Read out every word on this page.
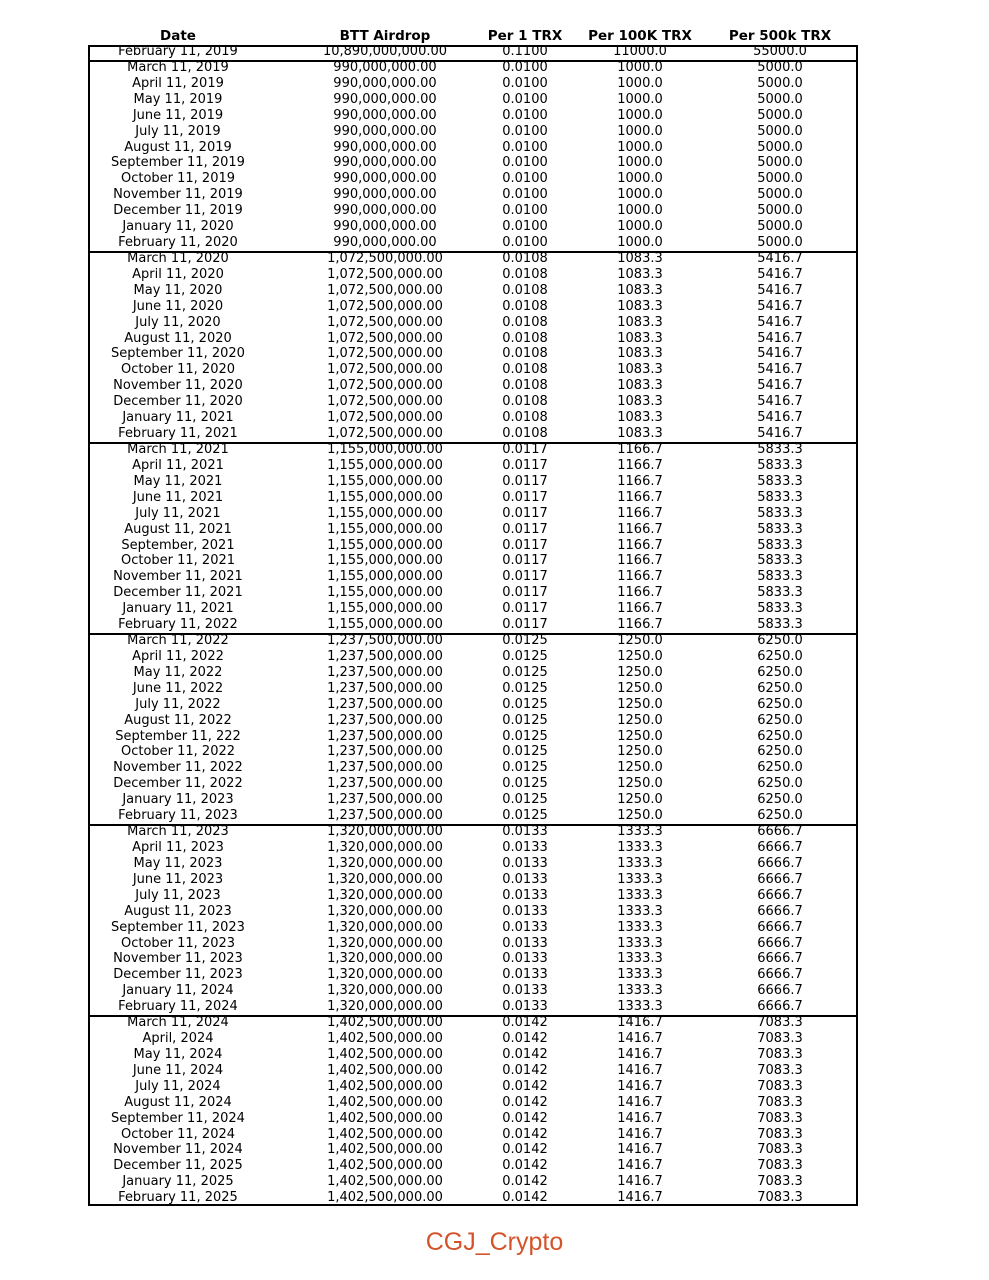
Date	BTT Airdrop	Per 1 TRX	Per 100K TRX	Per 500k TRX
February 11, 2019	10,890,000,000.00	0.1100	11000.0	55000.0
March 11, 2019	990,000,000.00	0.0100	1000.0	5000.0
April 11, 2019	990,000,000.00	0.0100	1000.0	5000.0
May 11, 2019	990,000,000.00	0.0100	1000.0	5000.0
June 11, 2019	990,000,000.00	0.0100	1000.0	5000.0
July 11, 2019	990,000,000.00	0.0100	1000.0	5000.0
August 11, 2019	990,000,000.00	0.0100	1000.0	5000.0
September 11, 2019	990,000,000.00	0.0100	1000.0	5000.0
October 11, 2019	990,000,000.00	0.0100	1000.0	5000.0
November 11, 2019	990,000,000.00	0.0100	1000.0	5000.0
December 11, 2019	990,000,000.00	0.0100	1000.0	5000.0
January 11, 2020	990,000,000.00	0.0100	1000.0	5000.0
February 11, 2020	990,000,000.00	0.0100	1000.0	5000.0
March 11, 2020	1,072,500,000.00	0.0108	1083.3	5416.7
April 11, 2020	1,072,500,000.00	0.0108	1083.3	5416.7
May 11, 2020	1,072,500,000.00	0.0108	1083.3	5416.7
June 11, 2020	1,072,500,000.00	0.0108	1083.3	5416.7
July 11, 2020	1,072,500,000.00	0.0108	1083.3	5416.7
August 11, 2020	1,072,500,000.00	0.0108	1083.3	5416.7
September 11, 2020	1,072,500,000.00	0.0108	1083.3	5416.7
October 11, 2020	1,072,500,000.00	0.0108	1083.3	5416.7
November 11, 2020	1,072,500,000.00	0.0108	1083.3	5416.7
December 11, 2020	1,072,500,000.00	0.0108	1083.3	5416.7
January 11, 2021	1,072,500,000.00	0.0108	1083.3	5416.7
February 11, 2021	1,072,500,000.00	0.0108	1083.3	5416.7
March 11, 2021	1,155,000,000.00	0.0117	1166.7	5833.3
April 11, 2021	1,155,000,000.00	0.0117	1166.7	5833.3
May 11, 2021	1,155,000,000.00	0.0117	1166.7	5833.3
June 11, 2021	1,155,000,000.00	0.0117	1166.7	5833.3
July 11, 2021	1,155,000,000.00	0.0117	1166.7	5833.3
August 11, 2021	1,155,000,000.00	0.0117	1166.7	5833.3
September, 2021	1,155,000,000.00	0.0117	1166.7	5833.3
October 11, 2021	1,155,000,000.00	0.0117	1166.7	5833.3
November 11, 2021	1,155,000,000.00	0.0117	1166.7	5833.3
December 11, 2021	1,155,000,000.00	0.0117	1166.7	5833.3
January 11, 2021	1,155,000,000.00	0.0117	1166.7	5833.3
February 11, 2022	1,155,000,000.00	0.0117	1166.7	5833.3
March 11, 2022	1,237,500,000.00	0.0125	1250.0	6250.0
April 11, 2022	1,237,500,000.00	0.0125	1250.0	6250.0
May 11, 2022	1,237,500,000.00	0.0125	1250.0	6250.0
June 11, 2022	1,237,500,000.00	0.0125	1250.0	6250.0
July 11, 2022	1,237,500,000.00	0.0125	1250.0	6250.0
August 11, 2022	1,237,500,000.00	0.0125	1250.0	6250.0
September 11, 222	1,237,500,000.00	0.0125	1250.0	6250.0
October 11, 2022	1,237,500,000.00	0.0125	1250.0	6250.0
November 11, 2022	1,237,500,000.00	0.0125	1250.0	6250.0
December 11, 2022	1,237,500,000.00	0.0125	1250.0	6250.0
January 11, 2023	1,237,500,000.00	0.0125	1250.0	6250.0
February 11, 2023	1,237,500,000.00	0.0125	1250.0	6250.0
March 11, 2023	1,320,000,000.00	0.0133	1333.3	6666.7
April 11, 2023	1,320,000,000.00	0.0133	1333.3	6666.7
May 11, 2023	1,320,000,000.00	0.0133	1333.3	6666.7
June 11, 2023	1,320,000,000.00	0.0133	1333.3	6666.7
July 11, 2023	1,320,000,000.00	0.0133	1333.3	6666.7
August 11, 2023	1,320,000,000.00	0.0133	1333.3	6666.7
September 11, 2023	1,320,000,000.00	0.0133	1333.3	6666.7
October 11, 2023	1,320,000,000.00	0.0133	1333.3	6666.7
November 11, 2023	1,320,000,000.00	0.0133	1333.3	6666.7
December 11, 2023	1,320,000,000.00	0.0133	1333.3	6666.7
January 11, 2024	1,320,000,000.00	0.0133	1333.3	6666.7
February 11, 2024	1,320,000,000.00	0.0133	1333.3	6666.7
March 11, 2024	1,402,500,000.00	0.0142	1416.7	7083.3
April, 2024	1,402,500,000.00	0.0142	1416.7	7083.3
May 11, 2024	1,402,500,000.00	0.0142	1416.7	7083.3
June 11, 2024	1,402,500,000.00	0.0142	1416.7	7083.3
July 11, 2024	1,402,500,000.00	0.0142	1416.7	7083.3
August 11, 2024	1,402,500,000.00	0.0142	1416.7	7083.3
September 11, 2024	1,402,500,000.00	0.0142	1416.7	7083.3
October 11, 2024	1,402,500,000.00	0.0142	1416.7	7083.3
November 11, 2024	1,402,500,000.00	0.0142	1416.7	7083.3
December 11, 2025	1,402,500,000.00	0.0142	1416.7	7083.3
January 11, 2025	1,402,500,000.00	0.0142	1416.7	7083.3
February 11, 2025	1,402,500,000.00	0.0142	1416.7	7083.3
CGJ_Crypto
